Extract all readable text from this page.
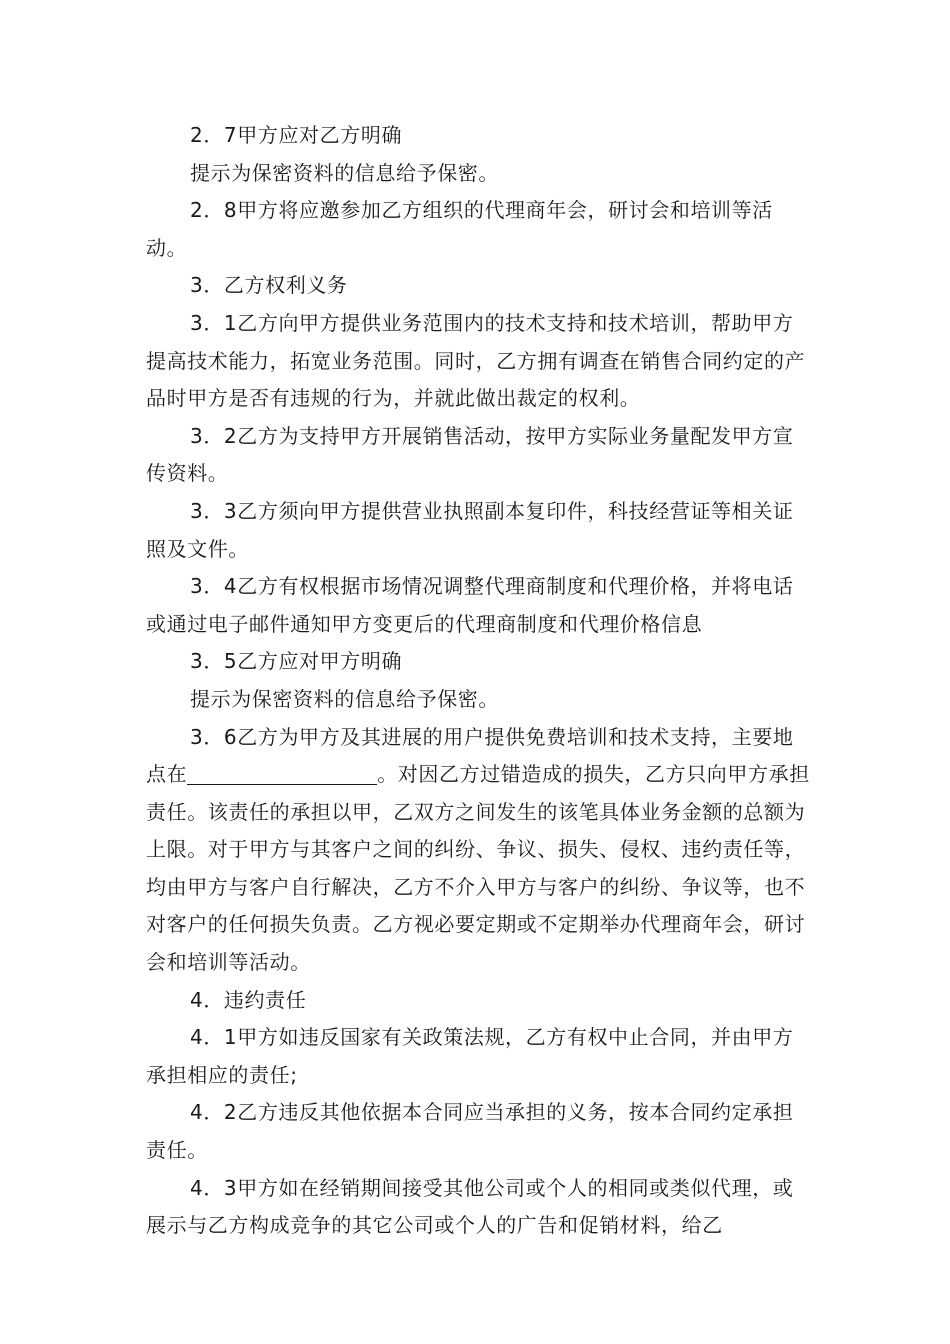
2．7甲方应对乙方明确

提示为保密资料的信息给予保密。

2．8甲方将应邀参加乙方组织的代理商年会，研讨会和培训等活动。

3．乙方权利义务

3．1乙方向甲方提供业务范围内的技术支持和技术培训，帮助甲方提高技术能力，拓宽业务范围。同时，乙方拥有调查在销售合同约定的产品时甲方是否有违规的行为，并就此做出裁定的权利。

3．2乙方为支持甲方开展销售活动，按甲方实际业务量配发甲方宣传资料。

3．3乙方须向甲方提供营业执照副本复印件，科技经营证等相关证照及文件。

3．4乙方有权根据市场情况调整代理商制度和代理价格，并将电话或通过电子邮件通知甲方变更后的代理商制度和代理价格信息

3．5乙方应对甲方明确

提示为保密资料的信息给予保密。

3．6乙方为甲方及其进展的用户提供免费培训和技术支持，主要地点在	。对因乙方过错造成的损失，乙方只向甲方承担责任。该责任的承担以甲，乙双方之间发生的该笔具体业务金额的总额为上限。对于甲方与其客户之间的纠纷、争议、损失、侵权、违约责任等，均由甲方与客户自行解决，乙方不介入甲方与客户的纠纷、争议等，也不对客户的任何损失负责。乙方视必要定期或不定期举办代理商年会，研讨会和培训等活动。

4．违约责任

4．1甲方如违反国家有关政策法规，乙方有权中止合同，并由甲方承担相应的责任;

4．2乙方违反其他依据本合同应当承担的义务，按本合同约定承担责任。

4．3甲方如在经销期间接受其他公司或个人的相同或类似代理，或展示与乙方构成竞争的其它公司或个人的广告和促销材料，给乙
